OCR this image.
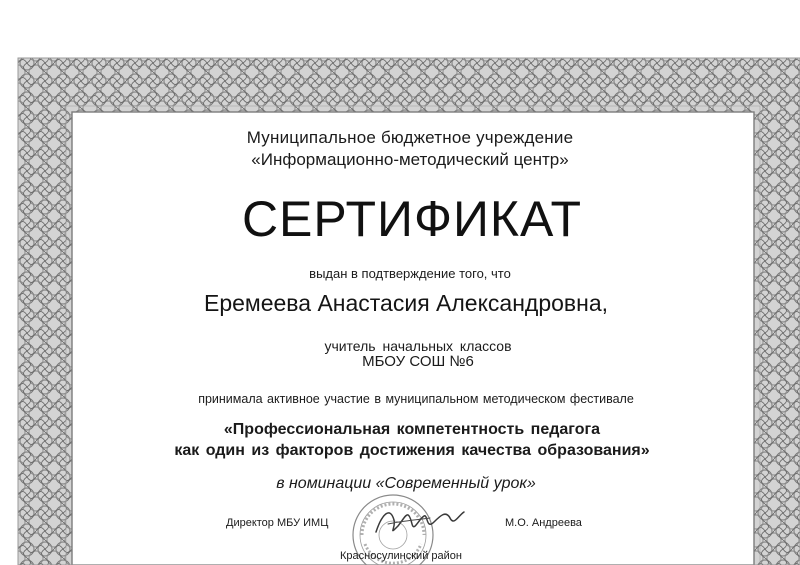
Муниципальное бюджетное учреждение
«Информационно-методический центр»
СЕРТИФИКАТ
выдан в подтверждение того, что
Еремеева Анастасия Александровна,
учитель начальных классов
МБОУ СОШ №6
принимала активное участие в муниципальном методическом фестивале
«Профессиональная компетентность педагога
как один из факторов достижения качества образования»
в номинации «Современный урок»
Директор МБУ ИМЦ	М.О. Андреева
Красносулинский район
